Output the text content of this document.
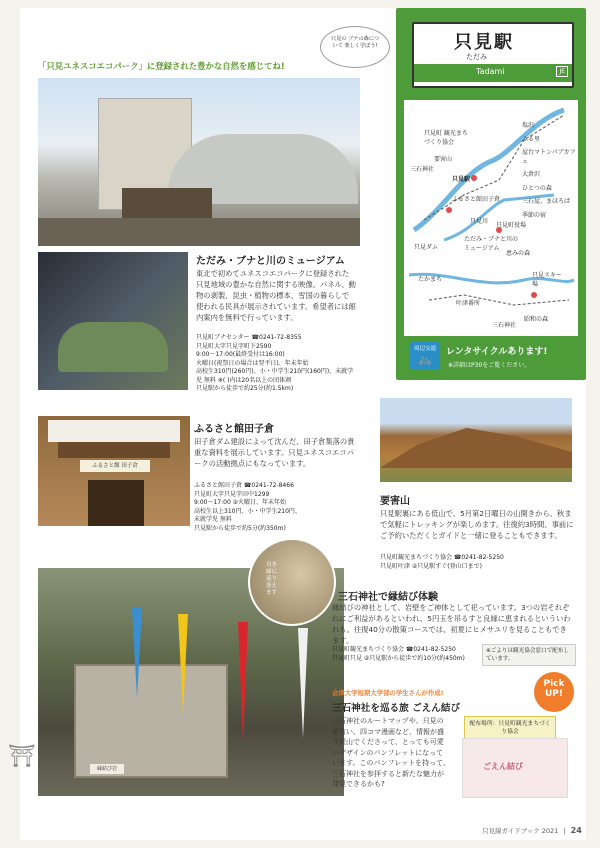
「只見ユネスコエコパーク」に登録された豊かな自然を感じてね!
只見の ブナの森について 楽しく学ぼう!	只見駅
ただみ
Tadami	JE
只見町 観光まちづくり協会
要害山
三石神社
只見駅
只見川
只見ダム
ただみ・ブナと川のミュージアム
只見町役場
ふるさと館田子倉
只見スキー場
たかまち
叶津番所
恵みの森
昭和の森
三石神社
塩沢
ふる里
屋台マトンパブカフェ
大倉沢
ひとつの森
三石屋、まほろば
季節の宿
周辺交通
🚲	レンタサイクルあります!
※詳細はP30をご覧ください。
ただみ・ブナと川のミュージアム
東北で初めてユネスコエコパークに登録された只見地域の豊かな自然に関する映像、パネル、動物の剥製、昆虫・植物の標本、雪国の暮らしで使われる民具が展示されています。希望者には館内案内を無料で行っています。
只見町ブナセンター ☎0241-72-8355
只見町大字只見字町下2590
9:00～17:00(最終受付は16:00)
火曜日(祝祭日の場合は翌平日)、年末年始
高校生310円(260円)、小・中学生210円(160円)、未就学児 無料 ※( )内は20名以上の団体割
只見駅から徒歩で約25分(約1.5km)
ふるさと館 田子倉
ふるさと館田子倉
田子倉ダム建設によって沈んだ、田子倉集落の貴重な資料を展示しています。只見ユネスコエコパークの活動拠点にもなっています。
ふるさと館田子倉 ☎0241-72-8466
只見町大字只見字田中1299
9:00～17:00 ②火曜日、年末年始
高校生以上310円、小・中学生210円、
未就学児 無料
只見駅から徒歩で約5分(約350m)
要害山
只見駅裏にある低山で、5月第2日曜日の山開きから、秋まで気軽にトレッキングが楽しめます。往復約3時間、事前にご予約いただくとガイドと一緒に登ることもできます。
只見町観光まちづくり協会 ☎0241-82-5250
只見町叶津 ②只見駅すぐ(登山口まで)
縁結び岩
良き縁に巡り逢えます	三石神社で縁結び体験
縁結びの神社として、岩壁をご神体として祀っています。3つの岩それぞれにご利益があるといわれ、5円玉を吊るすと良縁に恵まれるといういわれも。往復40分の散策コースでは、初夏にヒメサユリを見ることもできます。
只見町観光まちづくり協会 ☎0241-82-5250
只見町只見 ②只見駅から徒歩で約10分(約450m)
※ごよりは観光協会窓口で配布しています。
会津大学短期大学部の学生さんが作成!
三石神社を巡る旅 ごえん結び
Pick
UP!
三石神社のルートマップや、只見の花言い、四コマ漫画など、情報が盛り沢山でくださって、とっても可愛いデザインのパンフレットになっています。このパンフレットを持って、三石神社を参拝すると新たな魅力が発見できるかも?
配布場所：只見町観光まちづくり協会
ごえん結び
⛩
只見線ガイドブック 2021 | 24
